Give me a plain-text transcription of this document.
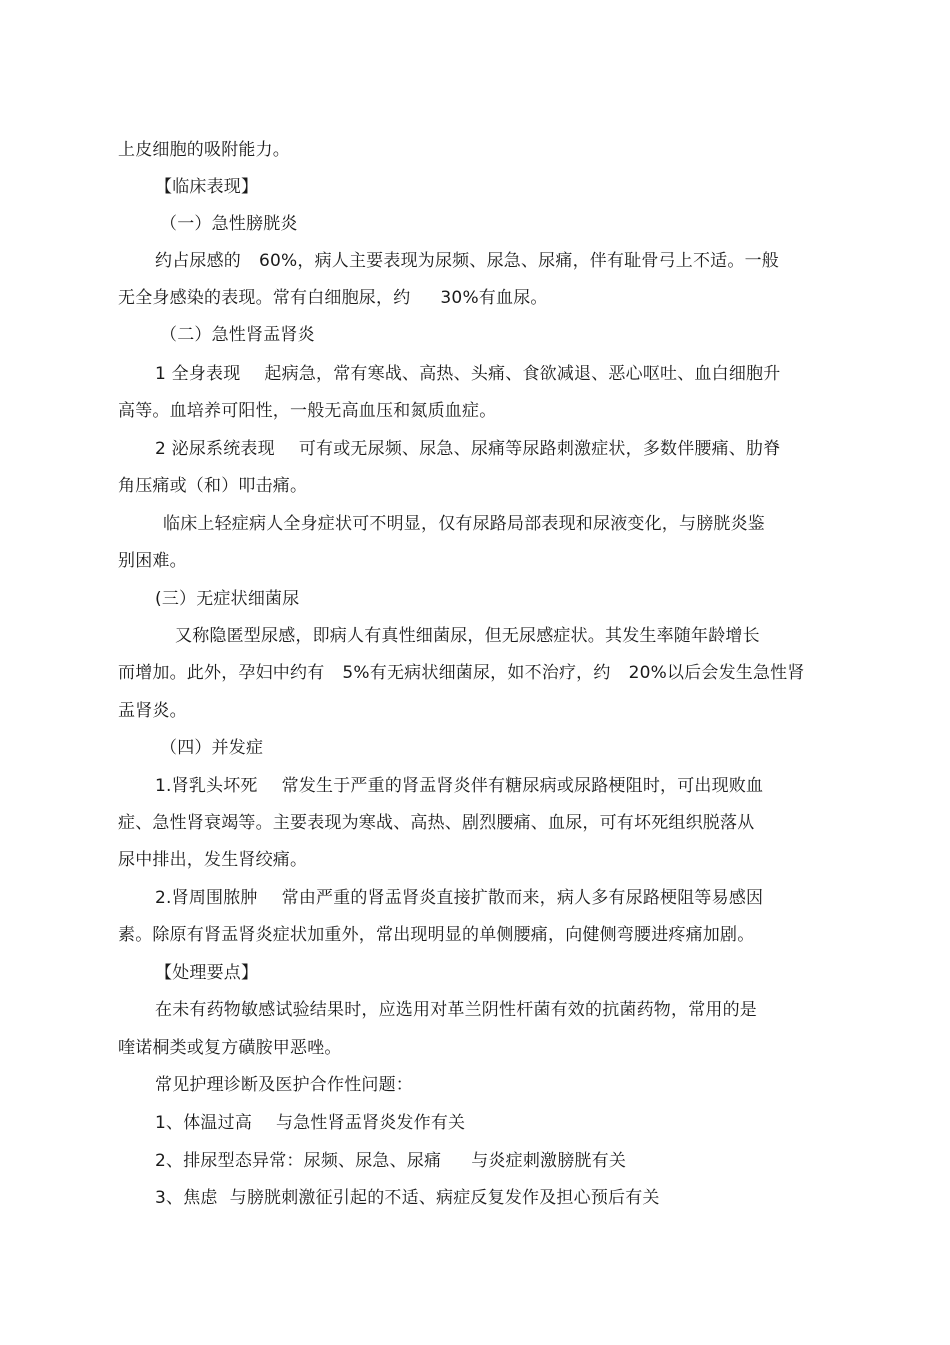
上皮细胞的吸附能力。
【临床表现】
（一）急性膀胱炎
约占尿感的 60%，病人主要表现为尿频、尿急、尿痛，伴有耻骨弓上不适。一般
无全身感染的表现。常有白细胞尿，约 30%有血尿。
（二）急性肾盂肾炎
1 全身表现 起病急，常有寒战、高热、头痛、食欲减退、恶心呕吐、血白细胞升
高等。血培养可阳性，一般无高血压和氮质血症。
2 泌尿系统表现 可有或无尿频、尿急、尿痛等尿路刺激症状，多数伴腰痛、肋脊
角压痛或（和）叩击痛。
临床上轻症病人全身症状可不明显，仅有尿路局部表现和尿液变化，与膀胱炎鉴
别困难。
(三）无症状细菌尿
又称隐匿型尿感，即病人有真性细菌尿，但无尿感症状。其发生率随年龄增长
而增加。此外，孕妇中约有 5%有无病状细菌尿，如不治疗，约 20%以后会发生急性肾
盂肾炎。
（四）并发症
1.肾乳头坏死 常发生于严重的肾盂肾炎伴有糖尿病或尿路梗阻时，可出现败血
症、急性肾衰竭等。主要表现为寒战、高热、剧烈腰痛、血尿，可有坏死组织脱落从
尿中排出，发生肾绞痛。
2.肾周围脓肿 常由严重的肾盂肾炎直接扩散而来，病人多有尿路梗阻等易感因
素。除原有肾盂肾炎症状加重外，常出现明显的单侧腰痛，向健侧弯腰进疼痛加剧。
【处理要点】
在未有药物敏感试验结果时，应选用对革兰阴性杆菌有效的抗菌药物，常用的是
喹诺桐类或复方磺胺甲恶唑。
常见护理诊断及医护合作性问题：
1、体温过高 与急性肾盂肾炎发作有关
2、排尿型态异常：尿频、尿急、尿痛 与炎症刺激膀胱有关
3、焦虑 与膀胱刺激征引起的不适、病症反复发作及担心预后有关
